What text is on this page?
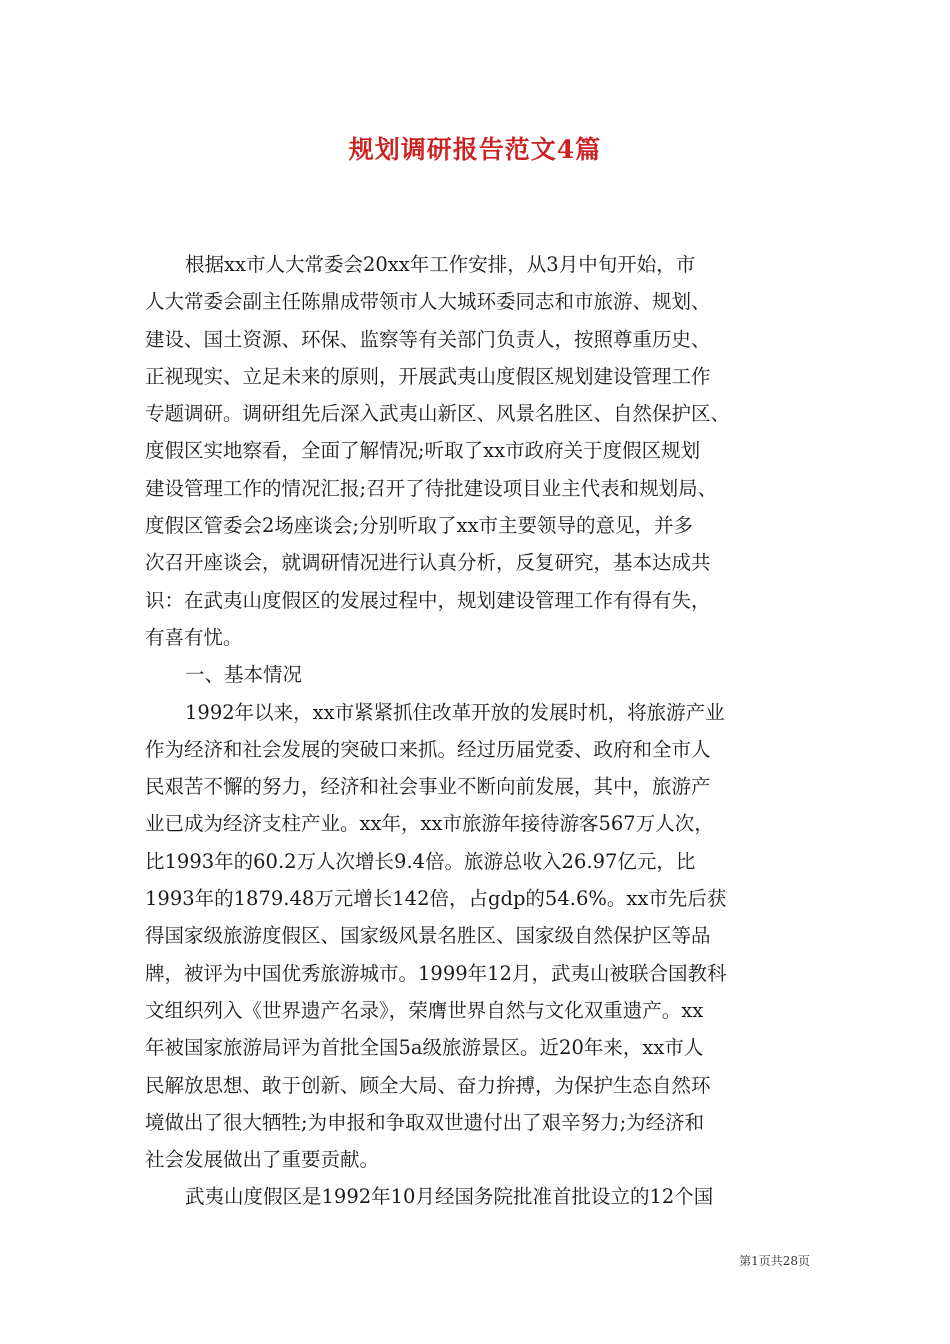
规划调研报告范文4篇
根据xx市人大常委会20xx年工作安排，从3月中旬开始，市
人大常委会副主任陈鼎成带领市人大城环委同志和市旅游、规划、
建设、国土资源、环保、监察等有关部门负责人，按照尊重历史、
正视现实、立足未来的原则，开展武夷山度假区规划建设管理工作
专题调研。调研组先后深入武夷山新区、风景名胜区、自然保护区、
度假区实地察看，全面了解情况;听取了xx市政府关于度假区规划
建设管理工作的情况汇报;召开了待批建设项目业主代表和规划局、
度假区管委会2场座谈会;分别听取了xx市主要领导的意见，并多
次召开座谈会，就调研情况进行认真分析，反复研究，基本达成共
识：在武夷山度假区的发展过程中，规划建设管理工作有得有失，
有喜有忧。
一、基本情况
1992年以来，xx市紧紧抓住改革开放的发展时机，将旅游产业
作为经济和社会发展的突破口来抓。经过历届党委、政府和全市人
民艰苦不懈的努力，经济和社会事业不断向前发展，其中，旅游产
业已成为经济支柱产业。xx年，xx市旅游年接待游客567万人次，
比1993年的60.2万人次增长9.4倍。旅游总收入26.97亿元，比
1993年的1879.48万元增长142倍，占gdp的54.6%。xx市先后获
得国家级旅游度假区、国家级风景名胜区、国家级自然保护区等品
牌，被评为中国优秀旅游城市。1999年12月，武夷山被联合国教科
文组织列入《世界遗产名录》，荣膺世界自然与文化双重遗产。xx
年被国家旅游局评为首批全国5a级旅游景区。近20年来，xx市人
民解放思想、敢于创新、顾全大局、奋力拚搏，为保护生态自然环
境做出了很大牺牲;为申报和争取双世遗付出了艰辛努力;为经济和
社会发展做出了重要贡献。
武夷山度假区是1992年10月经国务院批准首批设立的12个国
第1页共28页
